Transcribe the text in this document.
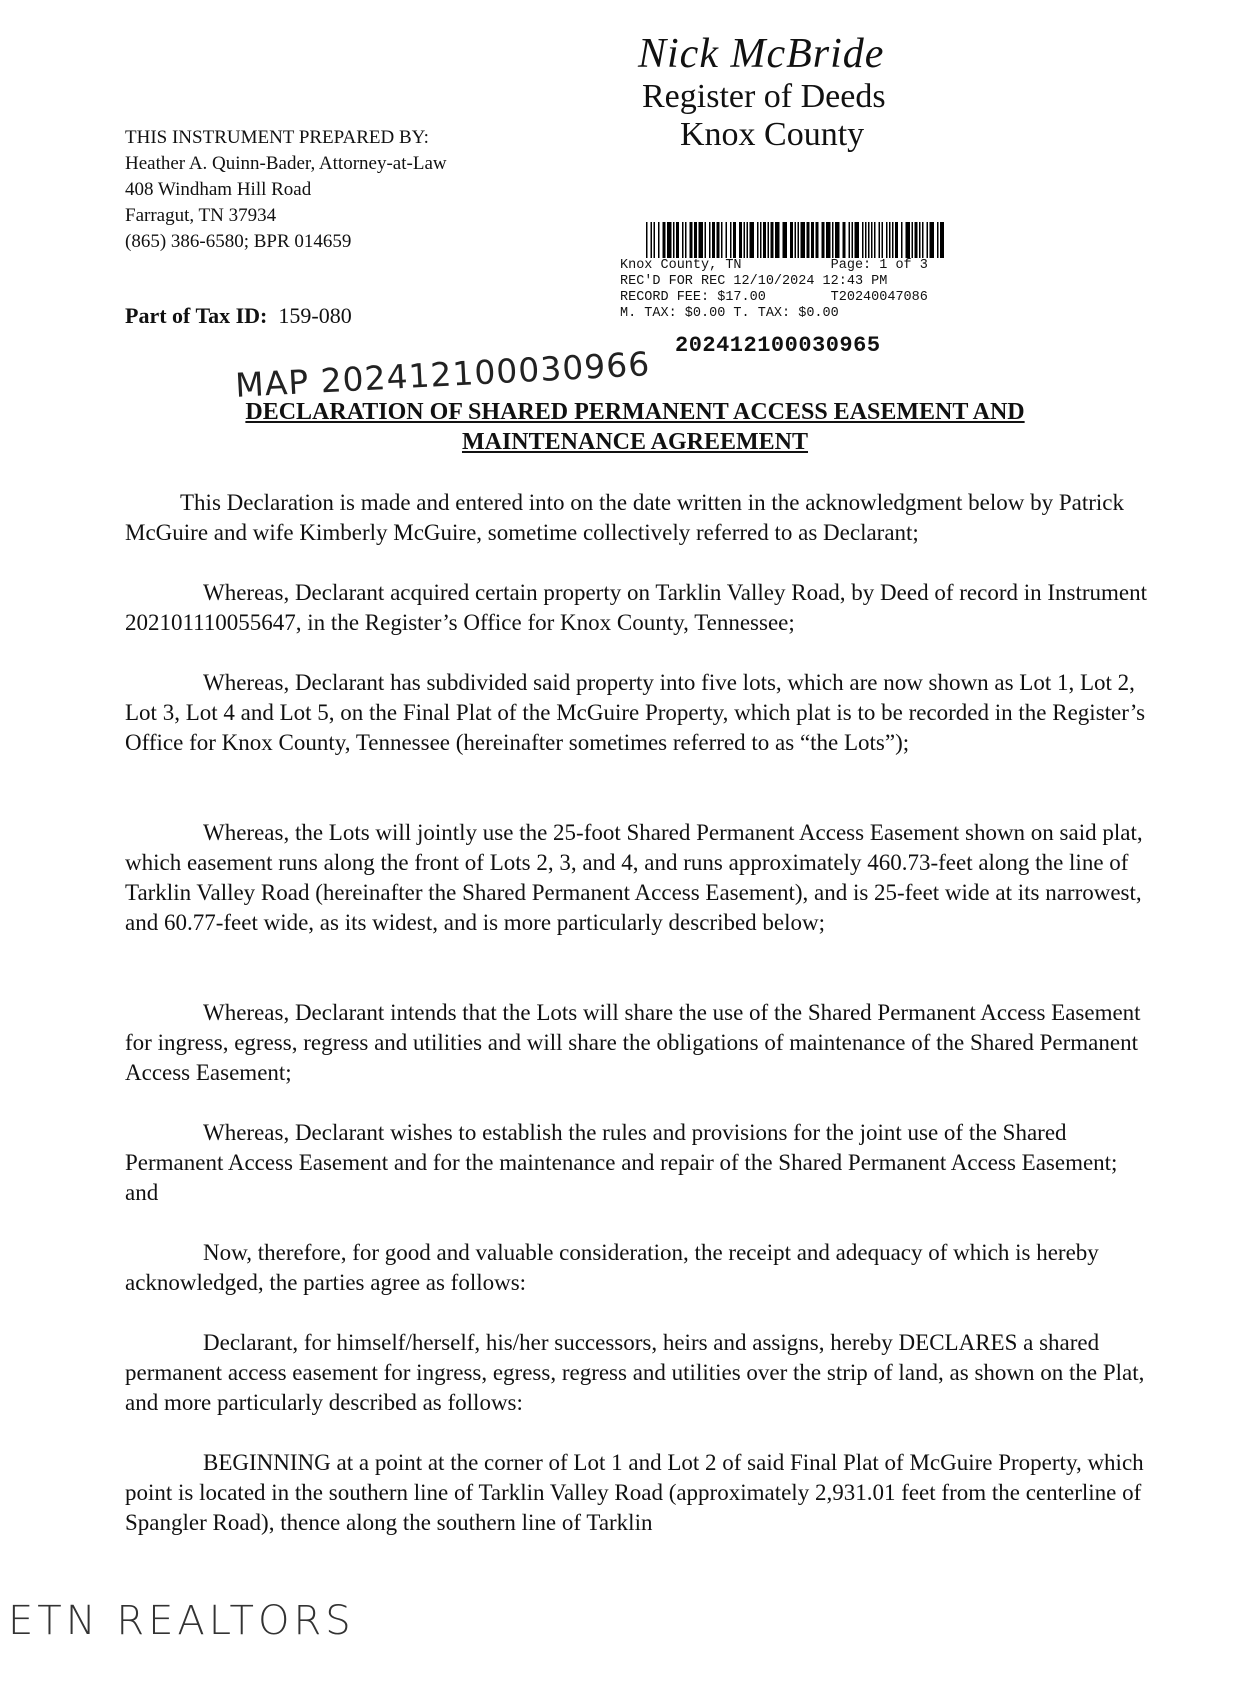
Nick McBride
Register of Deeds
Knox County
THIS INSTRUMENT PREPARED BY:
Heather A. Quinn-Bader, Attorney-at-Law
408 Windham Hill Road
Farragut, TN 37934
(865) 386-6580; BPR 014659
Knox County, TN           Page: 1 of 3
REC'D FOR REC 12/10/2024 12:43 PM
RECORD FEE: $17.00        T20240047086
M. TAX: $0.00 T. TAX: $0.00
202412100030965
Part of Tax ID: 159-080
MAP 202412100030966
DECLARATION OF SHARED PERMANENT ACCESS EASEMENT AND
MAINTENANCE AGREEMENT
This Declaration is made and entered into on the date written in the acknowledgment below by Patrick McGuire and wife Kimberly McGuire, sometime collectively referred to as Declarant;
Whereas, Declarant acquired certain property on Tarklin Valley Road, by Deed of record in Instrument 202101110055647, in the Register’s Office for Knox County, Tennessee;
Whereas, Declarant has subdivided said property into five lots, which are now shown as Lot 1, Lot 2, Lot 3, Lot 4 and Lot 5, on the Final Plat of the McGuire Property, which plat is to be recorded in the Register’s Office for Knox County, Tennessee (hereinafter sometimes referred to as “the Lots”);
Whereas, the Lots will jointly use the 25-foot Shared Permanent Access Easement shown on said plat, which easement runs along the front of Lots 2, 3, and 4, and runs approximately 460.73-feet along the line of Tarklin Valley Road (hereinafter the Shared Permanent Access Easement), and is 25-feet wide at its narrowest, and 60.77-feet wide, as its widest, and is more particularly described below;
Whereas, Declarant intends that the Lots will share the use of the Shared Permanent Access Easement for ingress, egress, regress and utilities and will share the obligations of maintenance of the Shared Permanent Access Easement;
Whereas, Declarant wishes to establish the rules and provisions for the joint use of the Shared Permanent Access Easement and for the maintenance and repair of the Shared Permanent Access Easement; and
Now, therefore, for good and valuable consideration, the receipt and adequacy of which is hereby acknowledged, the parties agree as follows:
Declarant, for himself/herself, his/her successors, heirs and assigns, hereby DECLARES a shared permanent access easement for ingress, egress, regress and utilities over the strip of land, as shown on the Plat, and more particularly described as follows:
BEGINNING at a point at the corner of Lot 1 and Lot 2 of said Final Plat of McGuire Property, which point is located in the southern line of Tarklin Valley Road (approximately 2,931.01 feet from the centerline of Spangler Road), thence along the southern line of Tarklin
ETN REALTORS
